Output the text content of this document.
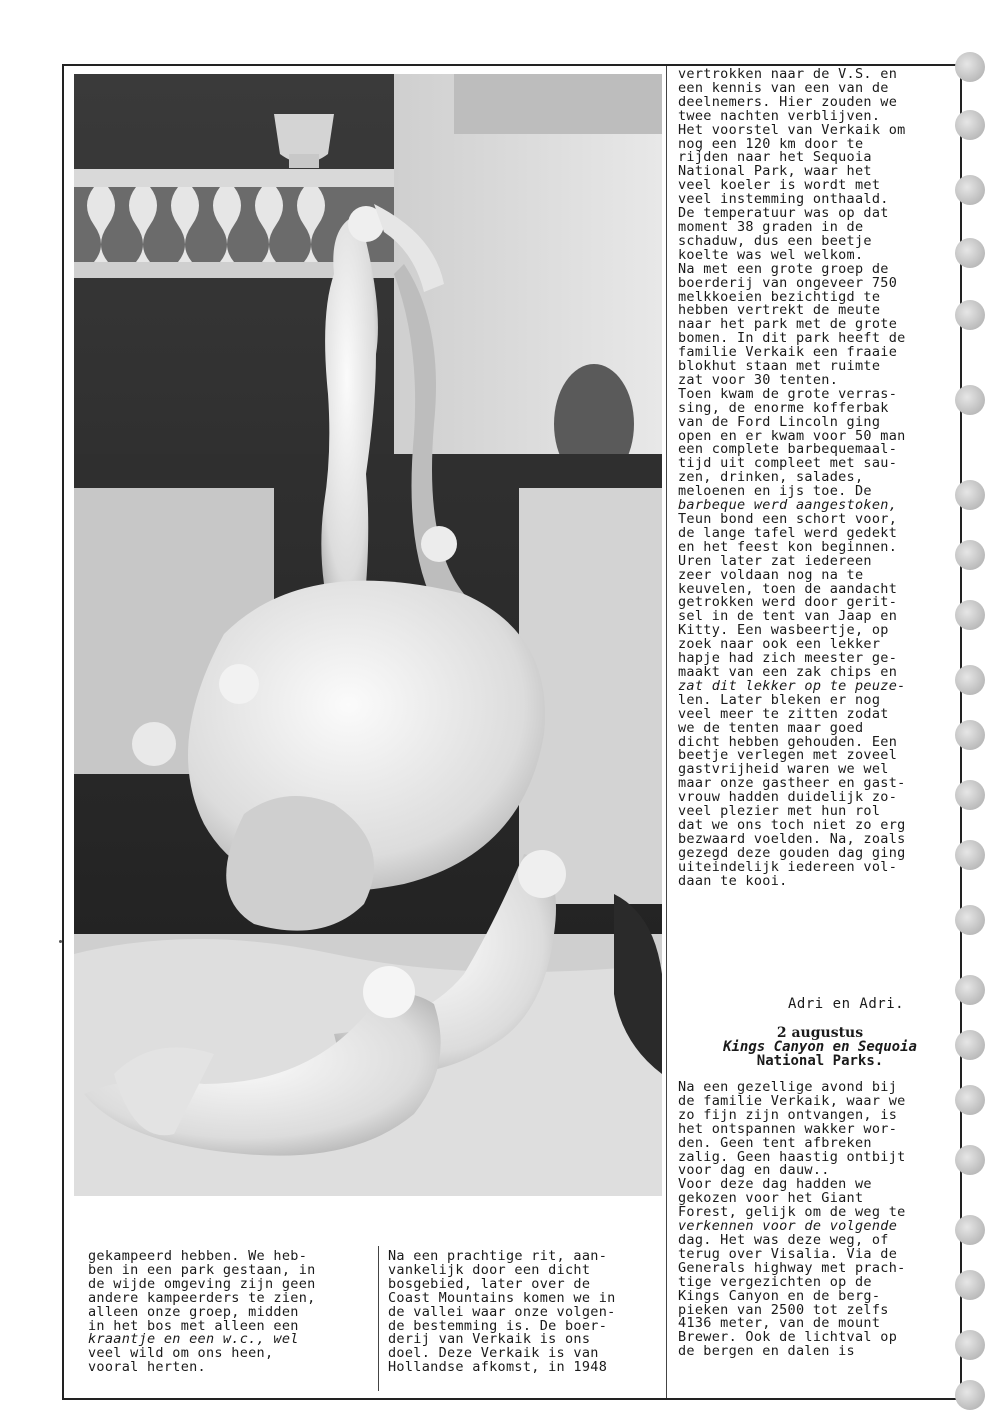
vertrokken naar de V.S. en
een kennis van een van de
deelnemers. Hier zouden we
twee nachten verblijven.
Het voorstel van Verkaik om
nog een 120 km door te
rijden naar het Sequoia
National Park, waar het
veel koeler is wordt met
veel instemming onthaald.
De temperatuur was op dat
moment 38 graden in de
schaduw, dus een beetje
koelte was wel welkom.
Na met een grote groep de
boerderij van ongeveer 750
melkkoeien bezichtigd te
hebben vertrekt de meute
naar het park met de grote
bomen. In dit park heeft de
familie Verkaik een fraaie
blokhut staan met ruimte
zat voor 30 tenten.
Toen kwam de grote verras-
sing, de enorme kofferbak
van de Ford Lincoln ging
open en er kwam voor 50 man
een complete barbequemaal-
tijd uit compleet met sau-
zen, drinken, salades,
meloenen en ijs toe. De
barbeque werd aangestoken,
Teun bond een schort voor,
de lange tafel werd gedekt
en het feest kon beginnen.
Uren later zat iedereen
zeer voldaan nog na te
keuvelen, toen de aandacht
getrokken werd door gerit-
sel in de tent van Jaap en
Kitty. Een wasbeertje, op
zoek naar ook een lekker
hapje had zich meester ge-
maakt van een zak chips en
zat dit lekker op te peuze-
len. Later bleken er nog
veel meer te zitten zodat
we de tenten maar goed
dicht hebben gehouden. Een
beetje verlegen met zoveel
gastvrijheid waren we wel
maar onze gastheer en gast-
vrouw hadden duidelijk zo-
veel plezier met hun rol
dat we ons toch niet zo erg
bezwaard voelden. Na, zoals
gezegd deze gouden dag ging
uiteindelijk iedereen vol-
daan te kooi.
Adri en Adri.
2 augustus
Kings Canyon en Sequoia
National Parks.
Na een gezellige avond bij
de familie Verkaik, waar we
zo fijn zijn ontvangen, is
het ontspannen wakker wor-
den. Geen tent afbreken
zalig. Geen haastig ontbijt
voor dag en dauw..
Voor deze dag hadden we
gekozen voor het Giant
Forest, gelijk om de weg te
verkennen voor de volgende
dag. Het was deze weg, of
terug over Visalia. Via de
Generals highway met prach-
tige vergezichten op de
Kings Canyon en de berg-
pieken van 2500 tot zelfs
4136 meter, van de mount
Brewer. Ook de lichtval op
de bergen en dalen is
gekampeerd hebben. We heb-
ben in een park gestaan, in
de wijde omgeving zijn geen
andere kampeerders te zien,
alleen onze groep, midden
in het bos met alleen een
kraantje en een w.c., wel
veel wild om ons heen,
vooral herten.
Na een prachtige rit, aan-
vankelijk door een dicht
bosgebied, later over de
Coast Mountains komen we in
de vallei waar onze volgen-
de bestemming is. De boer-
derij van Verkaik is ons
doel. Deze Verkaik is van
Hollandse afkomst, in 1948
